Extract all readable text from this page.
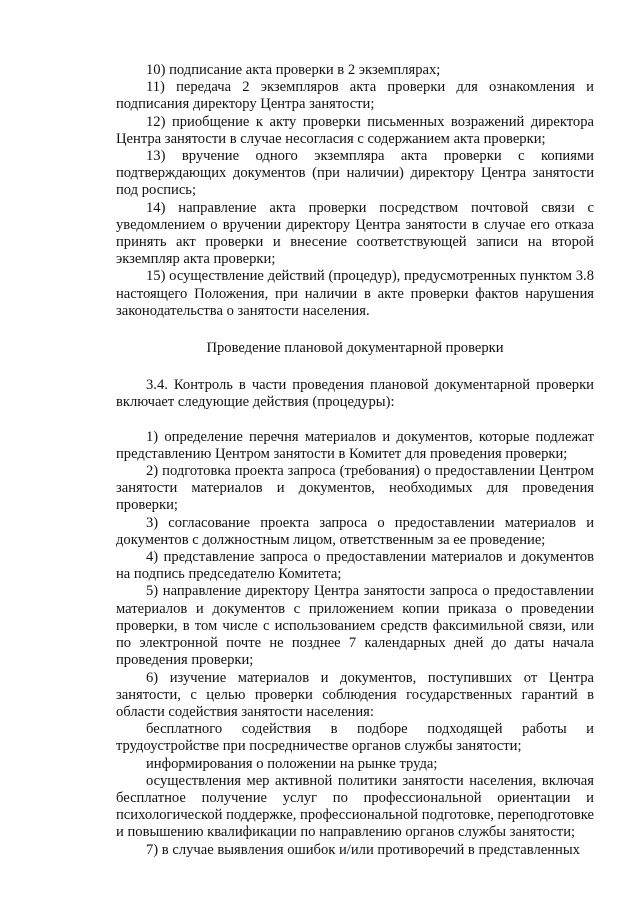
10) подписание акта проверки в 2 экземплярах;

11) передача 2 экземпляров акта проверки для ознакомления и подписания директору Центра занятости;

12) приобщение к акту проверки письменных возражений директора Центра занятости в случае несогласия с содержанием акта проверки;

13) вручение одного экземпляра акта проверки с копиями подтверждающих документов (при наличии) директору Центра занятости под роспись;

14) направление акта проверки посредством почтовой связи с уведомлением о вручении директору Центра занятости в случае его отказа принять акт проверки и внесение соответствующей записи на второй экземпляр акта проверки;

15) осуществление действий (процедур), предусмотренных пунктом 3.8 настоящего Положения, при наличии в акте проверки фактов нарушения законодательства о занятости населения.

Проведение плановой документарной проверки

3.4. Контроль в части проведения плановой документарной проверки включает следующие действия (процедуры):

1) определение перечня материалов и документов, которые подлежат представлению Центром занятости в Комитет для проведения проверки;

2) подготовка проекта запроса (требования) о предоставлении Центром занятости материалов и документов, необходимых для проведения проверки;

3) согласование проекта запроса о предоставлении материалов и документов с должностным лицом, ответственным за ее проведение;

4) представление запроса о предоставлении материалов и документов на подпись председателю Комитета;

5) направление директору Центра занятости запроса о предоставлении материалов и документов с приложением копии приказа о проведении проверки, в том числе с использованием средств факсимильной связи, или по электронной почте не позднее 7 календарных дней до даты начала проведения проверки;

6) изучение материалов и документов, поступивших от Центра занятости, с целью проверки соблюдения государственных гарантий в области содействия занятости населения:

бесплатного содействия в подборе подходящей работы и трудоустройстве при посредничестве органов службы занятости;

информирования о положении на рынке труда;

осуществления мер активной политики занятости населения, включая бесплатное получение услуг по профессиональной ориентации и психологической поддержке, профессиональной подготовке, переподготовке и повышению квалификации по направлению органов службы занятости;

7) в случае выявления ошибок и/или противоречий в представленных
